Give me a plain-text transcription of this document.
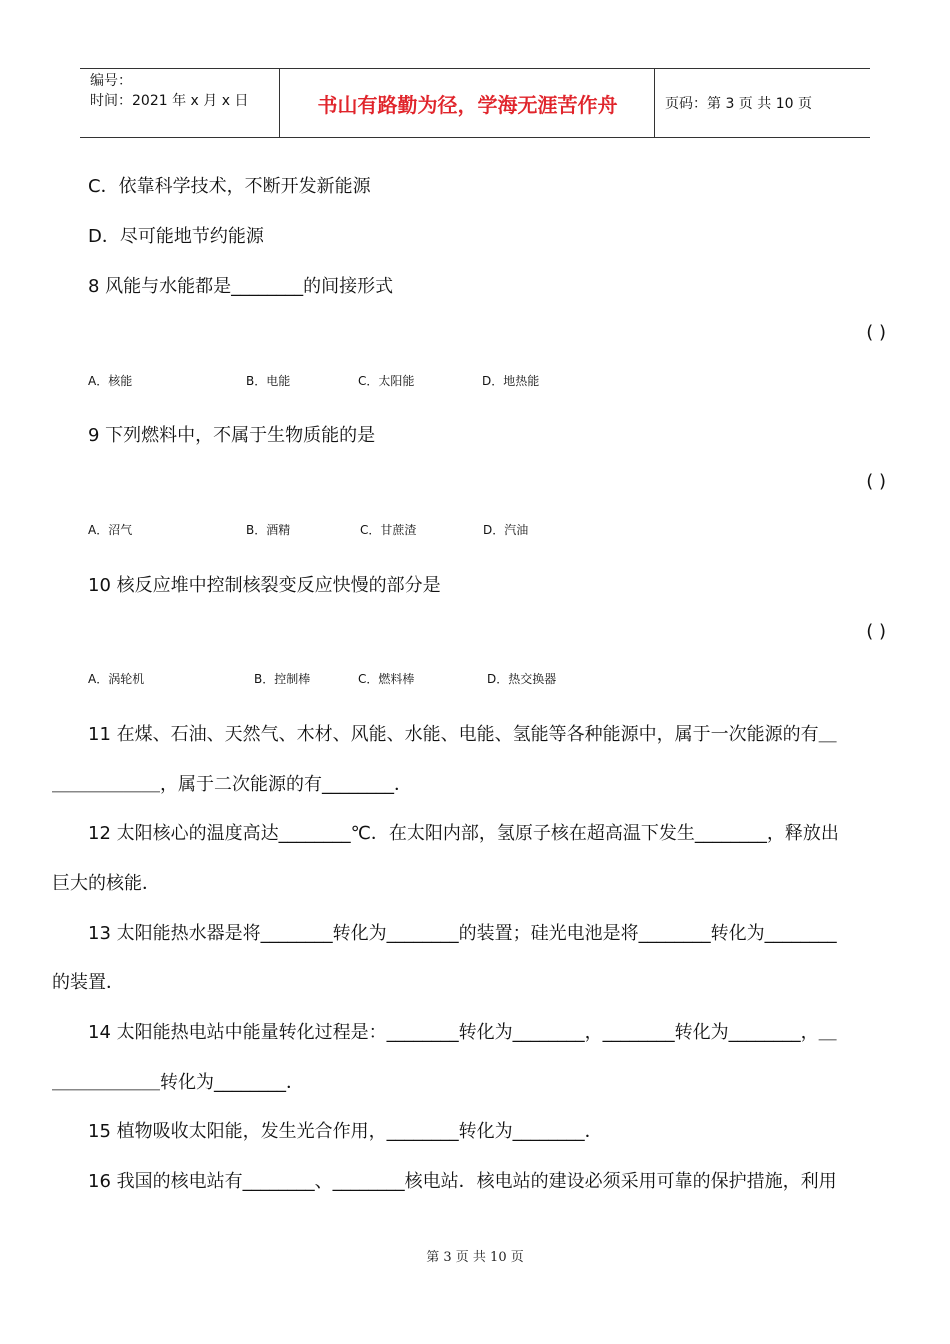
编号：
时间：2021 年 x 月 x 日	书山有路勤为径，学海无涯苦作舟	页码：第 3 页 共 10 页
C．依靠科学技术，不断开发新能源
D．尽可能地节约能源
8 风能与水能都是________的间接形式
( )
A．核能	B．电能	C．太阳能	D．地热能
9 下列燃料中，不属于生物质能的是
( )
A．沼气	B．酒精	C．甘蔗渣	D．汽油
10 核反应堆中控制核裂变反应快慢的部分是
( )
A．涡轮机	B．控制棒	C．燃料棒	D．热交换器
11 在煤、石油、天然气、木材、风能、水能、电能、氢能等各种能源中，属于一次能源的有＿
＿＿＿＿＿＿，属于二次能源的有________．
12 太阳核心的温度高达________℃．在太阳内部，氢原子核在超高温下发生________，释放出
巨大的核能．
13 太阳能热水器是将________转化为________的装置；硅光电池是将________转化为________
的装置．
14 太阳能热电站中能量转化过程是：________转化为________，________转化为________，＿
＿＿＿＿＿＿转化为________．
15 植物吸收太阳能，发生光合作用，________转化为________．
16 我国的核电站有________、________核电站．核电站的建设必须采用可靠的保护措施，利用
第 3 页 共 10 页
